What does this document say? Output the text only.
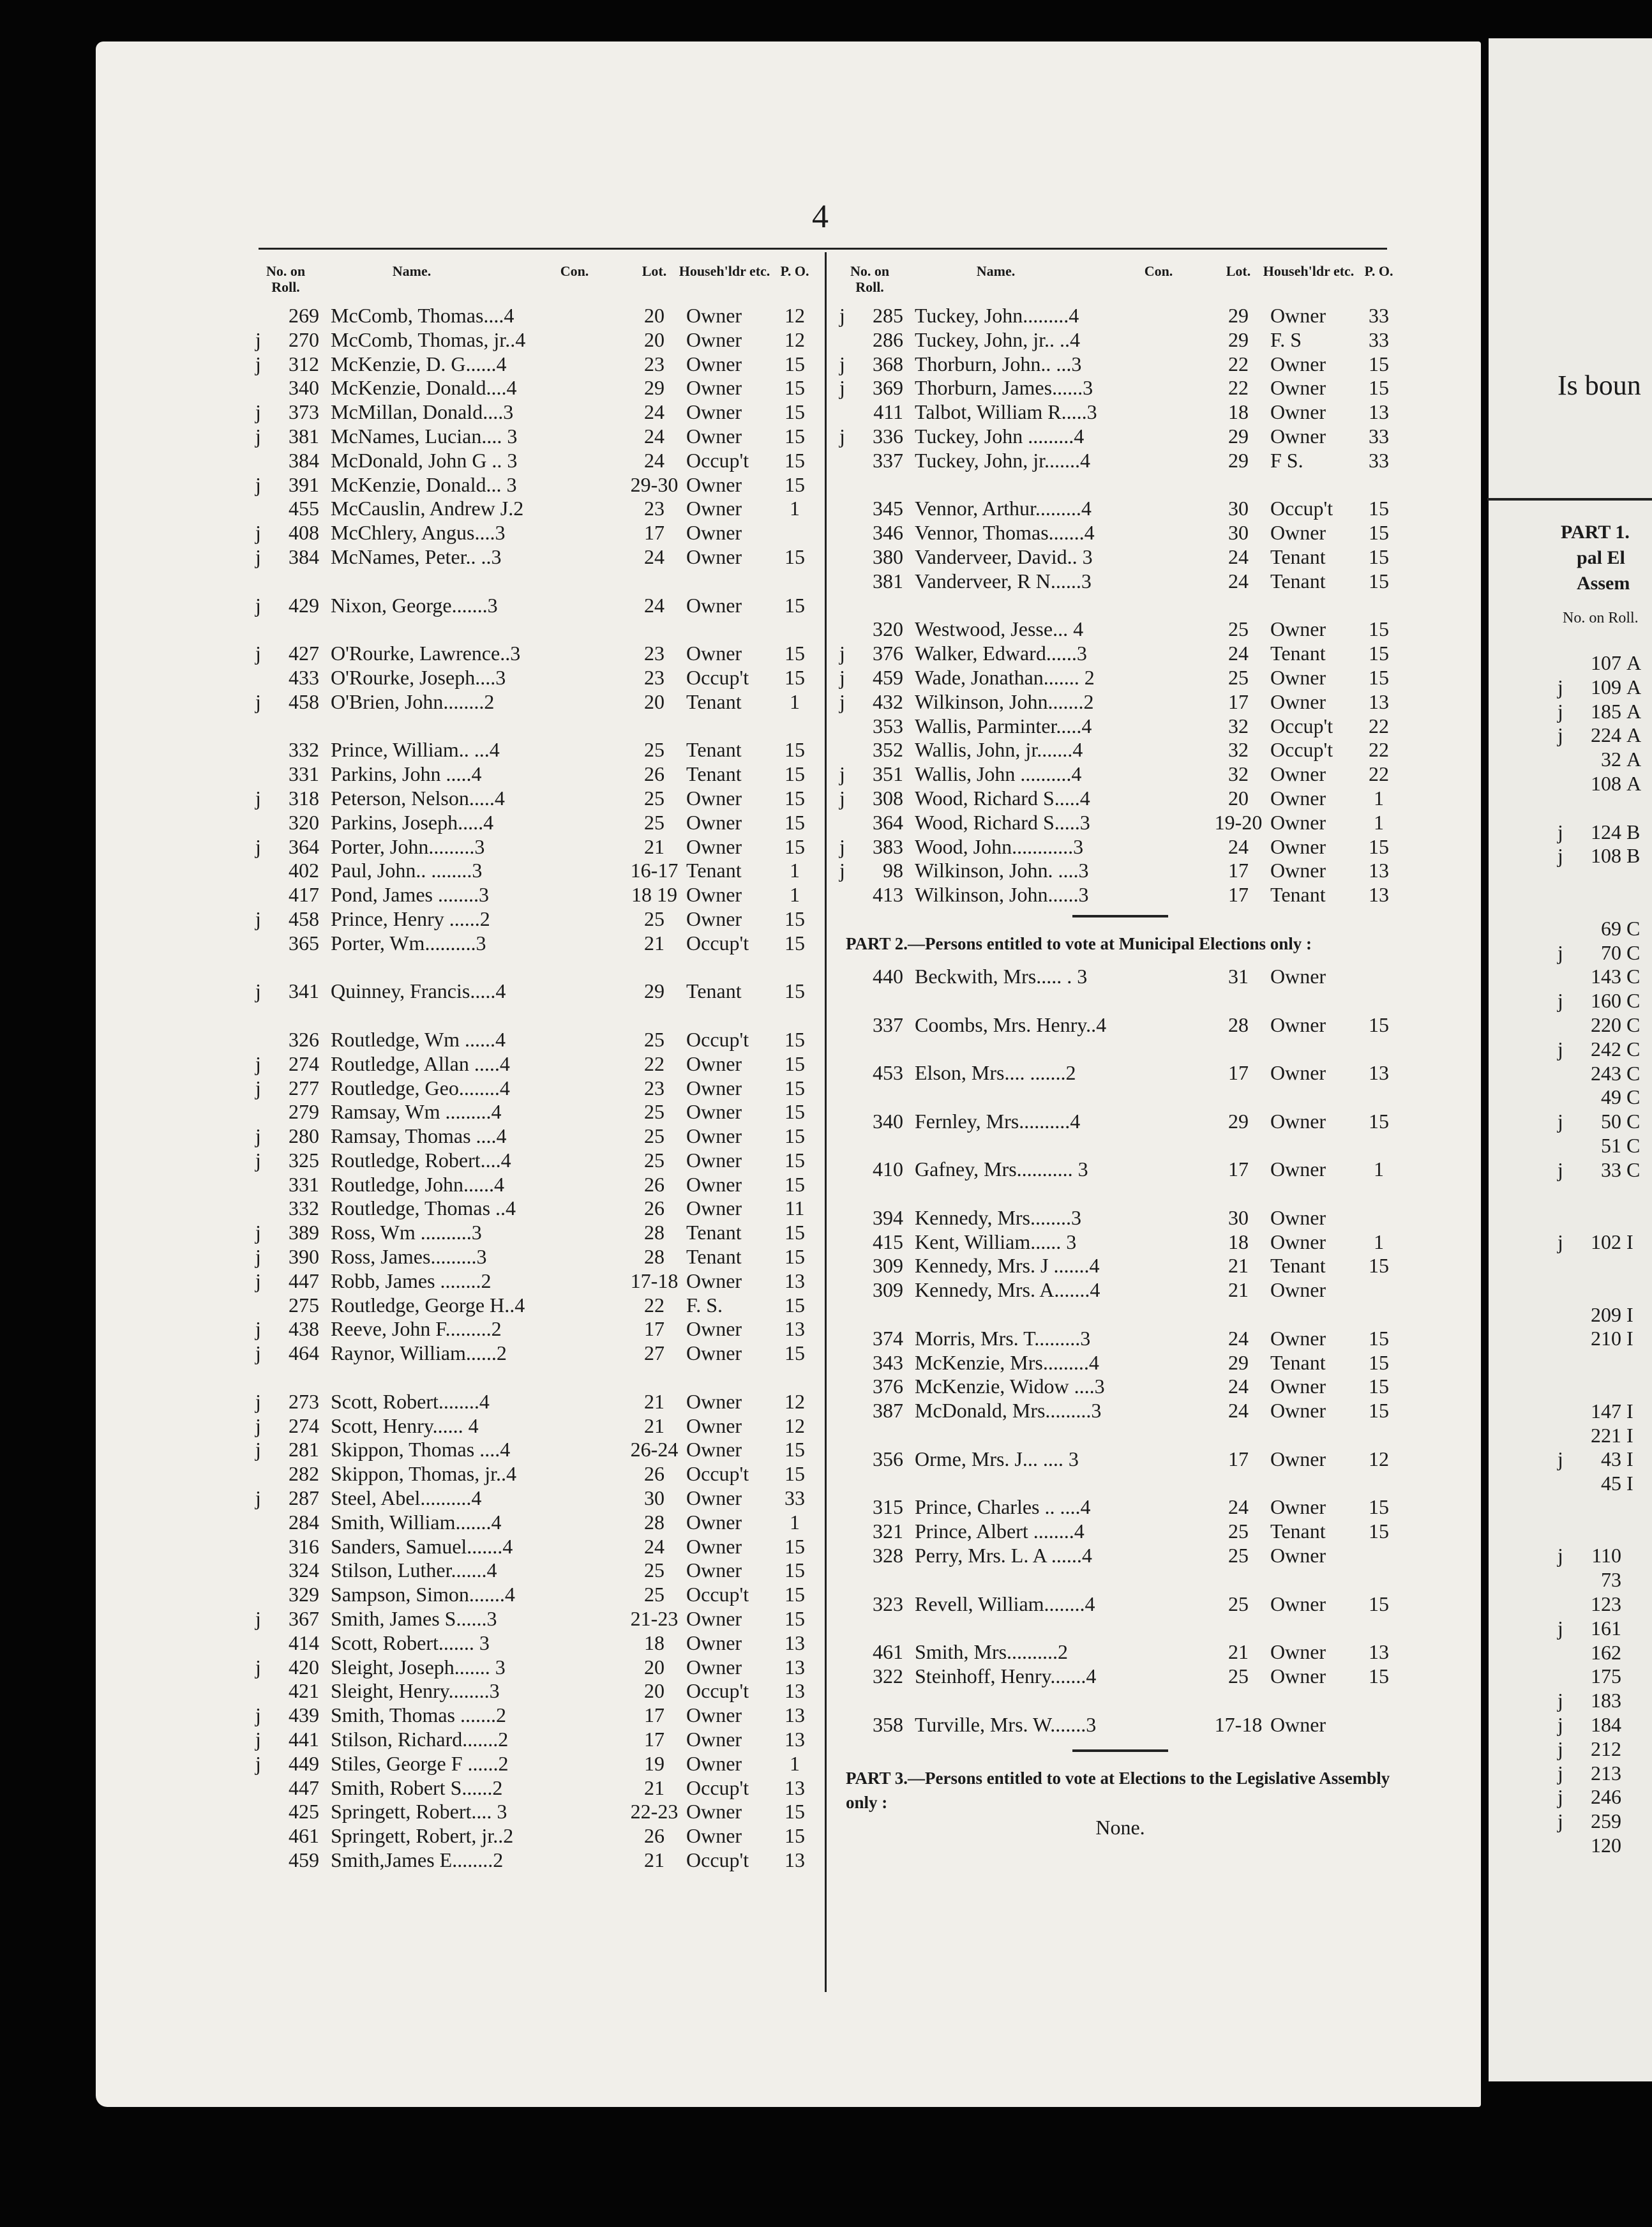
4
No. on Roll.
Name.	Con.	Lot. Househ'ldr etc. P. O.
269 McComb, Thomas....4	20	Owner	12
j	270 McComb, Thomas, jr..4	20	Owner	12
j	312 McKenzie, D. G......4	23	Owner	15
340 McKenzie, Donald....4	29	Owner	15
j	373 McMillan, Donald....3	24	Owner	15
j	381 McNames, Lucian.... 3	24	Owner	15
384 McDonald, John G .. 3	24	Occup't	15
j	391 McKenzie, Donald... 3	29-30 Owner	15
455 McCauslin, Andrew J.2	23	Owner	1
j	408 McChlery, Angus....3	17	Owner
j	384 McNames, Peter.. ..3	24	Owner	15
j	429 Nixon, George.......3	24	Owner	15
j	427 O'Rourke, Lawrence..3	23	Owner	15
433 O'Rourke, Joseph....3	23	Occup't	15
j	458 O'Brien, John........2	20	Tenant	1
332 Prince, William.. ...4	25	Tenant	15
331 Parkins, John .....4	26	Tenant	15
j	318 Peterson, Nelson.....4	25	Owner	15
320 Parkins, Joseph.....4	25	Owner	15
j	364 Porter, John.........3	21	Owner	15
402 Paul, John.. ........3	16-17 Tenant	1
417 Pond, James ........3	18 19 Owner	1
j	458 Prince, Henry ......2	25	Owner	15
365 Porter, Wm..........3	21	Occup't	15
j	341 Quinney, Francis.....4	29	Tenant	15
326 Routledge, Wm ......4	25	Occup't	15
j	274 Routledge, Allan .....4	22	Owner	15
j	277 Routledge, Geo........4	23	Owner	15
279 Ramsay, Wm .........4	25	Owner	15
j	280 Ramsay, Thomas ....4	25	Owner	15
j	325 Routledge, Robert....4	25	Owner	15
331 Routledge, John......4	26	Owner	15
332 Routledge, Thomas ..4	26	Owner	11
j	389 Ross, Wm ..........3	28	Tenant	15
j	390 Ross, James.........3	28	Tenant	15
j	447 Robb, James ........2	17-18 Owner	13
275 Routledge, George H..4	22	F. S.	15
j	438 Reeve, John F.........2	17	Owner	13
j	464 Raynor, William......2	27	Owner	15
j	273 Scott, Robert........4	21	Owner	12
j	274 Scott, Henry...... 4	21	Owner	12
j	281 Skippon, Thomas ....4	26-24 Owner	15
282 Skippon, Thomas, jr..4	26	Occup't	15
j	287 Steel, Abel..........4	30	Owner	33
284 Smith, William.......4	28	Owner	1
316 Sanders, Samuel.......4	24	Owner	15
324 Stilson, Luther.......4	25	Owner	15
329 Sampson, Simon.......4	25	Occup't	15
j	367 Smith, James S......3	21-23 Owner	15
414 Scott, Robert....... 3	18	Owner	13
j	420 Sleight, Joseph....... 3	20	Owner	13
421 Sleight, Henry........3	20	Occup't	13
j	439 Smith, Thomas .......2	17	Owner	13
j	441 Stilson, Richard.......2	17	Owner	13
j	449 Stiles, George F ......2	19	Owner	1
447 Smith, Robert S......2	21	Occup't	13
425 Springett, Robert.... 3	22-23 Owner	15
461 Springett, Robert, jr..2	26	Owner	15
459 Smith,James E........2	21	Occup't	13
No. on Roll.
Name.	Con.	Lot. Househ'ldr etc. P. O.
j	285 Tuckey, John.........4	29	Owner	33
286 Tuckey, John, jr.. ..4	29	F. S	33
j	368 Thorburn, John.. ...3	22	Owner	15
j	369 Thorburn, James......3	22	Owner	15
411 Talbot, William R.....3	18	Owner	13
j	336 Tuckey, John .........4	29	Owner	33
337 Tuckey, John, jr.......4	29	F S.	33
345 Vennor, Arthur.........4	30	Occup't	15
346 Vennor, Thomas.......4	30	Owner	15
380 Vanderveer, David.. 3	24	Tenant	15
381 Vanderveer, R N......3	24	Tenant	15
320 Westwood, Jesse... 4	25	Owner	15
j	376 Walker, Edward......3	24	Tenant	15
j	459 Wade, Jonathan....... 2	25	Owner	15
j	432 Wilkinson, John.......2	17	Owner	13
353 Wallis, Parminter.....4	32	Occup't	22
352 Wallis, John, jr.......4	32	Occup't	22
j	351 Wallis, John ..........4	32	Owner	22
j	308 Wood, Richard S.....4	20	Owner	1
364 Wood, Richard S.....3	19-20 Owner	1
j	383 Wood, John............3	24	Owner	15
j	98 Wilkinson, John. ....3	17	Owner	13
413 Wilkinson, John......3	17	Tenant	13
PART 2.—Persons entitled to vote at Municipal Elections only :
440 Beckwith, Mrs..... . 3	31	Owner
337 Coombs, Mrs. Henry..4	28	Owner	15
453 Elson, Mrs.... .......2	17	Owner	13
340 Fernley, Mrs..........4	29	Owner	15
410 Gafney, Mrs........... 3	17	Owner	1
394 Kennedy, Mrs........3	30	Owner
415 Kent, William...... 3	18	Owner	1
309 Kennedy, Mrs. J .......4	21	Tenant	15
309 Kennedy, Mrs. A.......4	21	Owner
374 Morris, Mrs. T.........3	24	Owner	15
343 McKenzie, Mrs.........4	29	Tenant	15
376 McKenzie, Widow ....3	24	Owner	15
387 McDonald, Mrs.........3	24	Owner	15
356 Orme, Mrs. J... .... 3	17	Owner	12
315 Prince, Charles .. ....4	24	Owner	15
321 Prince, Albert ........4	25	Tenant	15
328 Perry, Mrs. L. A ......4	25	Owner
323 Revell, William........4	25	Owner	15
461 Smith, Mrs..........2	21	Owner	13
322 Steinhoff, Henry.......4	25	Owner	15
358 Turville, Mrs. W.......3	17-18 Owner
PART 3.—Persons entitled to vote at Elections to the Legislative Assembly only :
None.
Is boun
PART 1.
pal El
Assem
No. on Roll.
107 A
j	109 A
j	185 A
j	224 A
32 A
108 A
j	124 B
j	108 B
69 C
j	70 C
143 C
j	160 C
220 C
j	242 C
243 C
49 C
j	50 C
51 C
j	33 C
j	102 I
209 I
210 I
147 I
221 I
j	43 I
45 I
j	110
73
123
j	161
162
175
j	183
j	184
j	212
j	213
j	246
j	259
120
